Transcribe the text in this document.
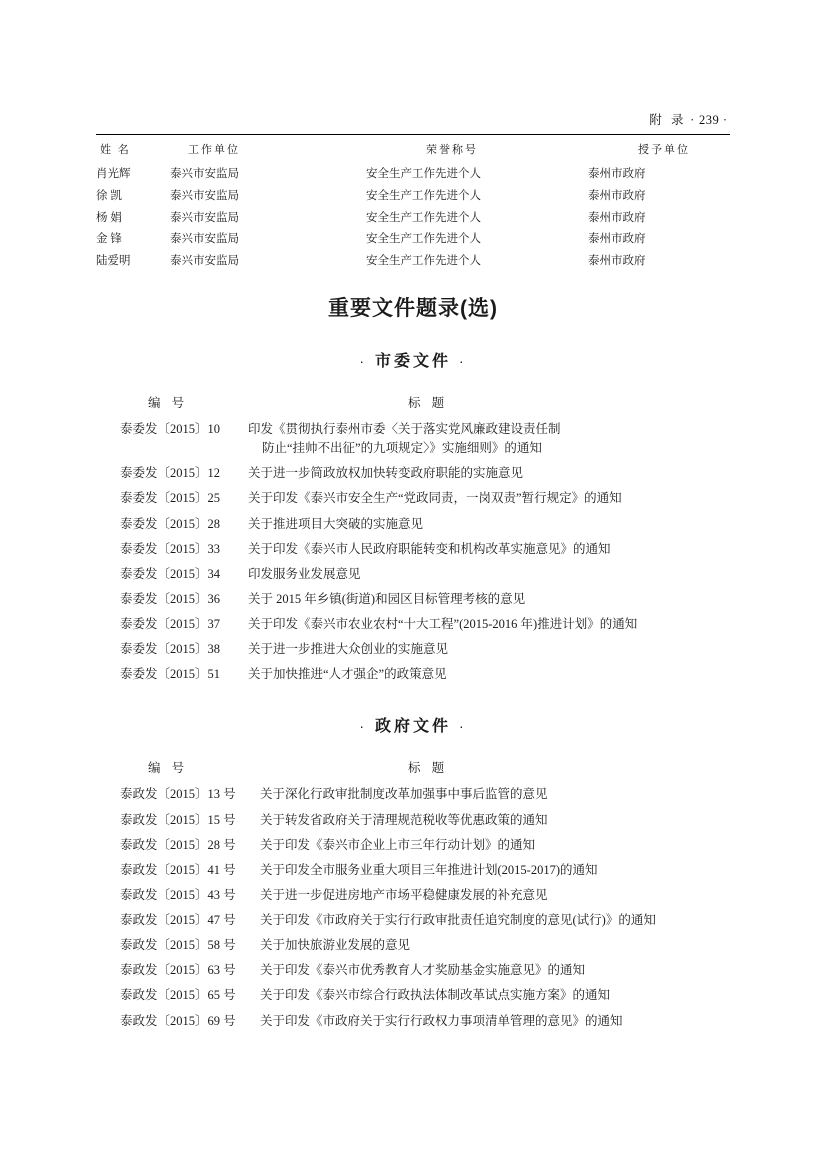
附 录 · 239 ·
姓 名	工作单位	荣誉称号	授予单位
肖光辉	泰兴市安监局	安全生产工作先进个人	泰州市政府
徐 凯	泰兴市安监局	安全生产工作先进个人	泰州市政府
杨 娟	泰兴市安监局	安全生产工作先进个人	泰州市政府
金 锋	泰兴市安监局	安全生产工作先进个人	泰州市政府
陆爱明	泰兴市安监局	安全生产工作先进个人	泰州市政府
重要文件题录(选)
· 市委文件 ·
编 号	标 题
泰委发〔2015〕10	印发《贯彻执行泰州市委〈关于落实党风廉政建设责任制
防止“挂帅不出征”的九项规定〉》实施细则》的通知
泰委发〔2015〕12	关于进一步简政放权加快转变政府职能的实施意见
泰委发〔2015〕25	关于印发《泰兴市安全生产“党政同责，一岗双责”暂行规定》的通知
泰委发〔2015〕28	关于推进项目大突破的实施意见
泰委发〔2015〕33	关于印发《泰兴市人民政府职能转变和机构改革实施意见》的通知
泰委发〔2015〕34	印发服务业发展意见
泰委发〔2015〕36	关于 2015 年乡镇(街道)和园区目标管理考核的意见
泰委发〔2015〕37	关于印发《泰兴市农业农村“十大工程”(2015-2016 年)推进计划》的通知
泰委发〔2015〕38	关于进一步推进大众创业的实施意见
泰委发〔2015〕51	关于加快推进“人才强企”的政策意见
· 政府文件 ·
编 号	标 题
泰政发〔2015〕13 号	关于深化行政审批制度改革加强事中事后监管的意见
泰政发〔2015〕15 号	关于转发省政府关于清理规范税收等优惠政策的通知
泰政发〔2015〕28 号	关于印发《泰兴市企业上市三年行动计划》的通知
泰政发〔2015〕41 号	关于印发全市服务业重大项目三年推进计划(2015-2017)的通知
泰政发〔2015〕43 号	关于进一步促进房地产市场平稳健康发展的补充意见
泰政发〔2015〕47 号	关于印发《市政府关于实行行政审批责任追究制度的意见(试行)》的通知
泰政发〔2015〕58 号	关于加快旅游业发展的意见
泰政发〔2015〕63 号	关于印发《泰兴市优秀教育人才奖励基金实施意见》的通知
泰政发〔2015〕65 号	关于印发《泰兴市综合行政执法体制改革试点实施方案》的通知
泰政发〔2015〕69 号	关于印发《市政府关于实行行政权力事项清单管理的意见》的通知
